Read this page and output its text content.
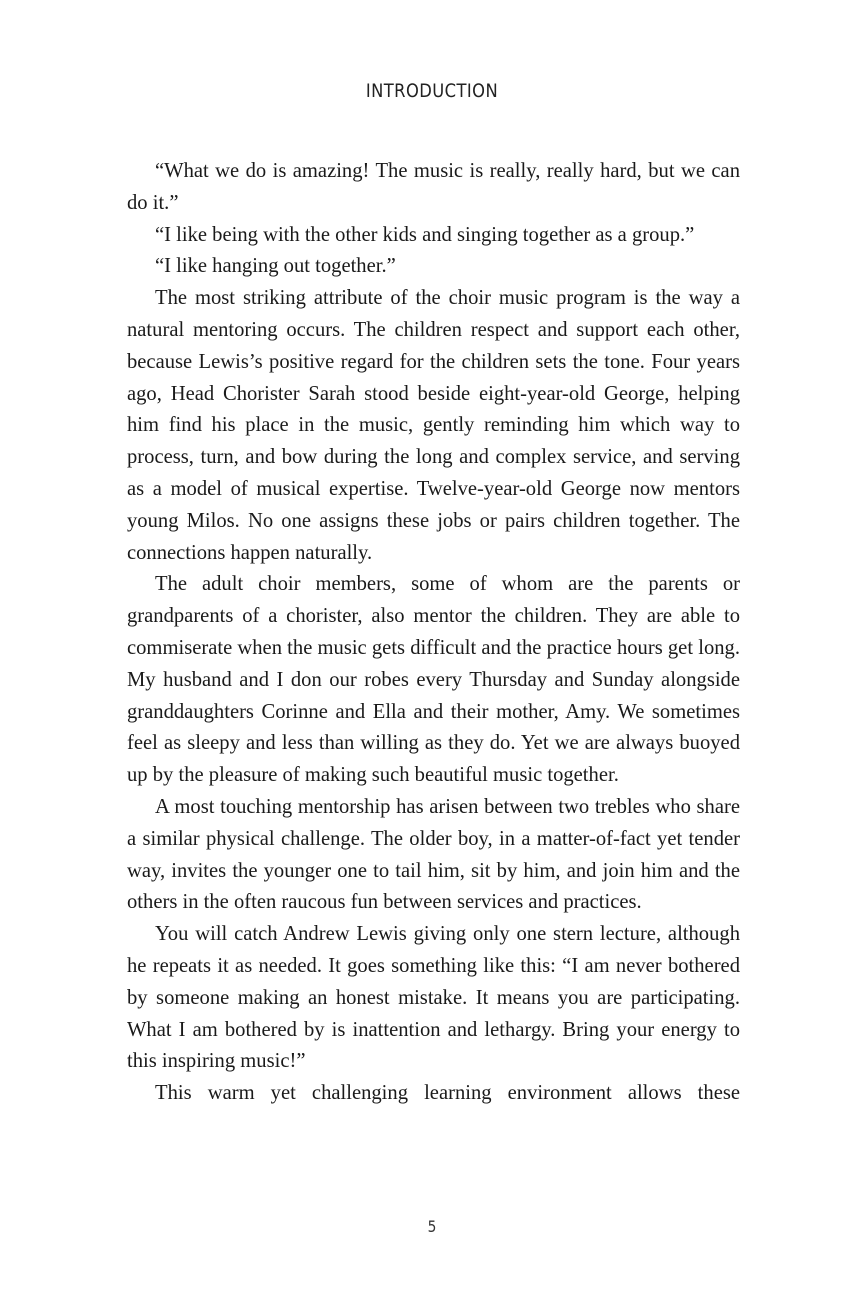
INTRODUCTION

“What we do is amazing! The music is really, really hard, but we can do it.”

“I like being with the other kids and singing together as a group.”

“I like hanging out together.”

The most striking attribute of the choir music program is the way a natural mentoring occurs. The children respect and support each other, because Lewis’s positive regard for the children sets the tone. Four years ago, Head Chorister Sarah stood beside eight-year-old George, helping him find his place in the music, gently reminding him which way to process, turn, and bow during the long and complex service, and serving as a model of musical expertise. Twelve-year-old George now mentors young Milos. No one assigns these jobs or pairs children together. The connections happen naturally.

The adult choir members, some of whom are the parents or grandparents of a chorister, also mentor the children. They are able to commiserate when the music gets difficult and the practice hours get long. My husband and I don our robes every Thursday and Sunday alongside granddaughters Corinne and Ella and their mother, Amy. We sometimes feel as sleepy and less than willing as they do. Yet we are always buoyed up by the pleasure of making such beautiful music together.

A most touching mentorship has arisen between two trebles who share a similar physical challenge. The older boy, in a matter-of-fact yet tender way, invites the younger one to tail him, sit by him, and join him and the others in the often raucous fun between services and practices.

You will catch Andrew Lewis giving only one stern lecture, although he repeats it as needed. It goes something like this: “I am never bothered by someone making an honest mistake. It means you are participating. What I am bothered by is inattention and lethargy. Bring your energy to this inspiring music!”

This warm yet challenging learning environment allows these

5
